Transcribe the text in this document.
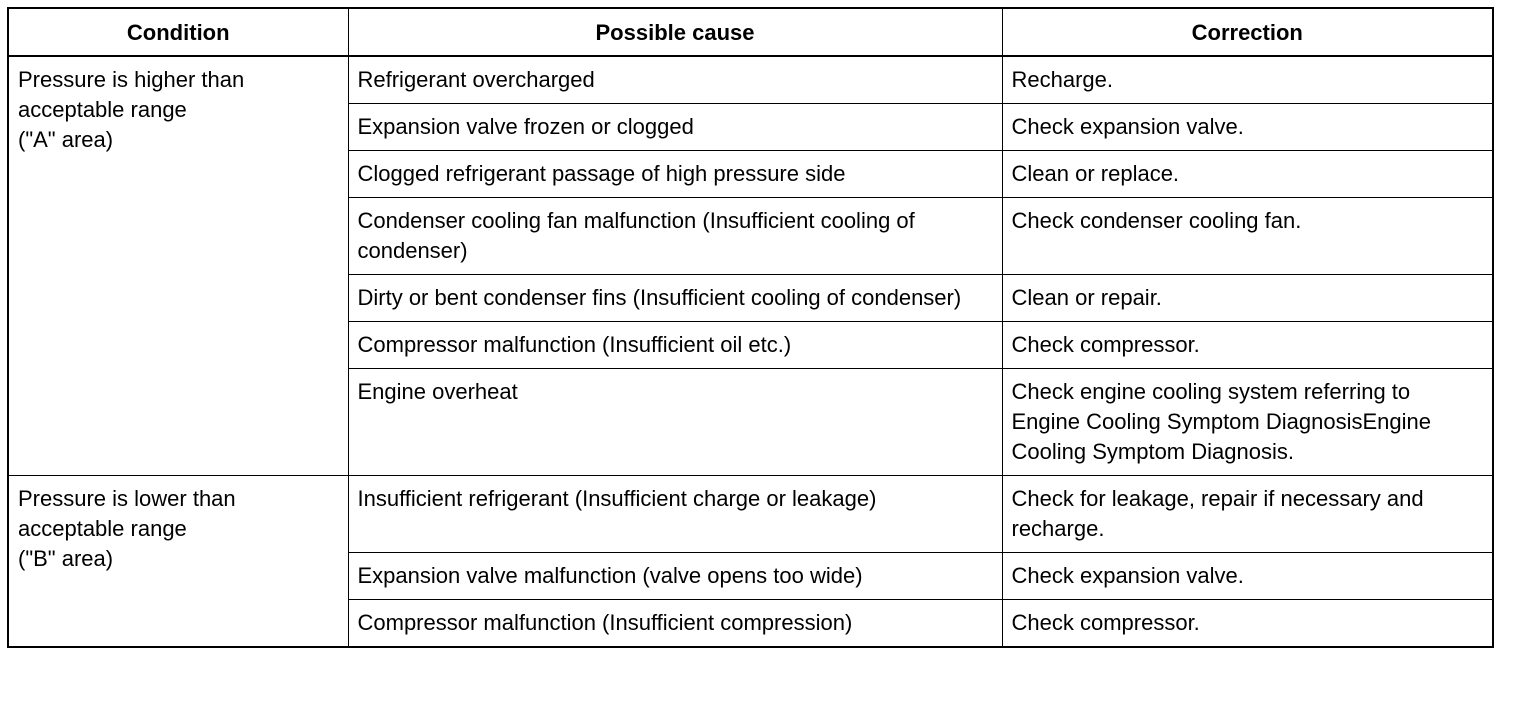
Condition	Possible cause	Correction
Pressure is higher than
acceptable range
("A" area)	Refrigerant overcharged	Recharge.
	Expansion valve frozen or clogged	Check expansion valve.
	Clogged refrigerant passage of high pressure side	Clean or replace.
	Condenser cooling fan malfunction (Insufficient cooling of condenser)	Check condenser cooling fan.
	Dirty or bent condenser fins (Insufficient cooling of condenser)	Clean or repair.
	Compressor malfunction (Insufficient oil etc.)	Check compressor.
	Engine overheat	Check engine cooling system referring to Engine Cooling Symptom DiagnosisEngine Cooling Symptom Diagnosis.
Pressure is lower than
acceptable range
("B" area)	Insufficient refrigerant (Insufficient charge or leakage)	Check for leakage, repair if necessary and recharge.
	Expansion valve malfunction (valve opens too wide)	Check expansion valve.
	Compressor malfunction (Insufficient compression)	Check compressor.
